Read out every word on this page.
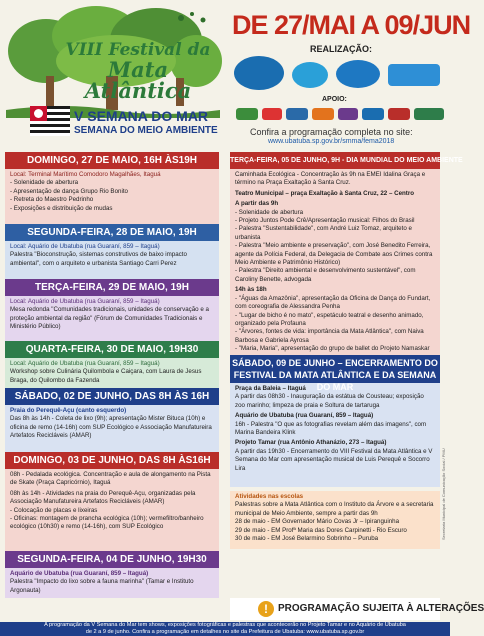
VIII Festival da
Mata Atlântica
V SEMANA DO MAR
SEMANA DO MEIO AMBIENTE
DE 27/MAI A 09/JUN
REALIZAÇÃO:
APOIO:
Confira a programação completa no site:
www.ubatuba.sp.gov.br/smma/fema2018
DOMINGO, 27 DE MAIO, 16H ÀS19H
Local: Terminal Marítimo Comodoro Magalhães, Itaguá
- Solenidade de abertura
- Apresentação de dança Grupo Rio Bonito
- Retreta do Maestro Pedrinho
- Exposições e distribuição de mudas
SEGUNDA-FEIRA, 28 DE MAIO, 19H
Local: Aquário de Ubatuba (rua Guaraní, 859 – Itaguá)
Palestra "Bioconstrução, sistemas construtivos de baixo impacto ambiental", com o arquiteto e urbanista Santiago Carri Perez
TERÇA-FEIRA, 29 DE MAIO, 19H
Local: Aquário de Ubatuba (rua Guaraní, 859 – Itaguá)
Mesa redonda "Comunidades tradicionais, unidades de conservação e a proteção ambiental da região" (Fórum de Comunidades Tradicionais e Ministério Público)
QUARTA-FEIRA, 30 DE MAIO, 19H30
Local: Aquário de Ubatuba (rua Guaraní, 859 – Itaguá)
Workshop sobre Culinária Quilombola e Caiçara, com Laura de Jesus Braga, do Quilombo da Fazenda
SÁBADO, 02 DE JUNHO, DAS 8H ÀS 16H
Praia do Perequê-Açu (canto esquerdo)
Das 8h às 14h - Coleta de lixo (9h); apresentação Mister Bituca (10h) e oficina de remo (14-16h) com SUP Ecológico e Associação Manufatureira Artefatos Recicláveis (AMAR)
DOMINGO, 03 DE JUNHO, DAS 8H ÀS16H
08h - Pedalada ecológica. Concentração e aula de alongamento na Pista de Skate (Praça Capricórnio), Itaguá
08h às 14h - Atividades na praia do Perequê-Açu, organizadas pela Associação Manufatureira Artefatos Recicláveis (AMAR)
- Colocação de placas e lixeiras
- Oficinas: montagem de prancha ecológica (10h); vermefiltro/banheiro ecológico (10h30) e remo (14-16h), com SUP Ecológico
SEGUNDA-FEIRA, 04 DE JUNHO, 19H30
Aquário de Ubatuba (rua Guaraní, 859 – Itaguá)
Palestra "Impacto do lixo sobre a fauna marinha" (Tamar e Instituto Argonauta)
TERÇA-FEIRA, 05 DE JUNHO, 9H - DIA MUNDIAL DO MEIO AMBIENTE
Caminhada Ecológica - Concentração às 9h na EMEI Idalina Graça e término na Praça Exaltação à Santa Cruz.
Teatro Municipal – praça Exaltação à Santa Cruz, 22 – Centro
A partir das 9h
- Solenidade de abertura
- Projeto Juntos Pode Crê/Apresentação musical: Filhos do Brasil
- Palestra "Sustentabilidade", com André Luiz Tomaz, arquiteto e urbanista
- Palestra "Meio ambiente e preservação", com José Benedito Ferreira, agente da Polícia Federal, da Delegacia de Combate aos Crimes contra Meio Ambiente e Patrimônio Histórico)
- Palestra "Direito ambiental e desenvolvimento sustentável", com Caroliny Benette, advogada
14h às 18h
- "Águas da Amazônia", apresentação da Oficina de Dança do Fundart, com coreografia de Alessandra Penha
- "Lugar de bicho é no mato", espetáculo teatral e desenho animado, organizado pela Profauna
- "Árvores, fontes de vida: importância da Mata Atlântica", com Naiva Barbosa e Gabriela Ayrosa
- "Maria, Maria", apresentação do grupo de ballet do Projeto Namaskar
SÁBADO, 09 DE JUNHO – ENCERRAMENTO DO FESTIVAL DA MATA ATLÂNTICA E DA SEMANA DO MAR
Praça da Baleia – Itaguá
A partir das 08h30 - Inauguração da estátua de Cousteau; exposição zoo marinho; limpeza de praia e Soltura de tartaruga
Aquário de Ubatuba (rua Guaraní, 859 – Itaguá)
16h - Palestra "O que as fotografias revelam além das imagens", com Marina Bandeira Klink
Projeto Tamar (rua Antônio Athanázio, 273 – Itaguá)
A partir das 19h30 - Encerramento do VIII Festival da Mata Atlântica e V Semana do Mar com apresentação musical de Luis Perequê e Socorro Lira
Atividades nas escolas
Palestras sobre a Mata Atlântica com o Instituto da Árvore e a secretaria municipal de Meio Ambiente, sempre a partir das 9h
28 de maio - EM Governador Mário Covas Jr – Ipiranguinha
29 de maio - EM Profª Maria das Dores Carpinetti - Rio Escuro
30 de maio - EM José Belarmino Sobrinho – Puruba
!	PROGRAMAÇÃO SUJEITA À ALTERAÇÕES
Secretaria Municipal de Comunicação Social / PMU
A programação da V Semana do Mar tem shows, exposições fotográficas e palestras que acontecerão no Projeto Tamar e no Aquário de Ubatuba
de 2 a 9 de junho. Confira a programação em detalhes no site da Prefeitura de Ubatuba: www.ubatuba.sp.gov.br
